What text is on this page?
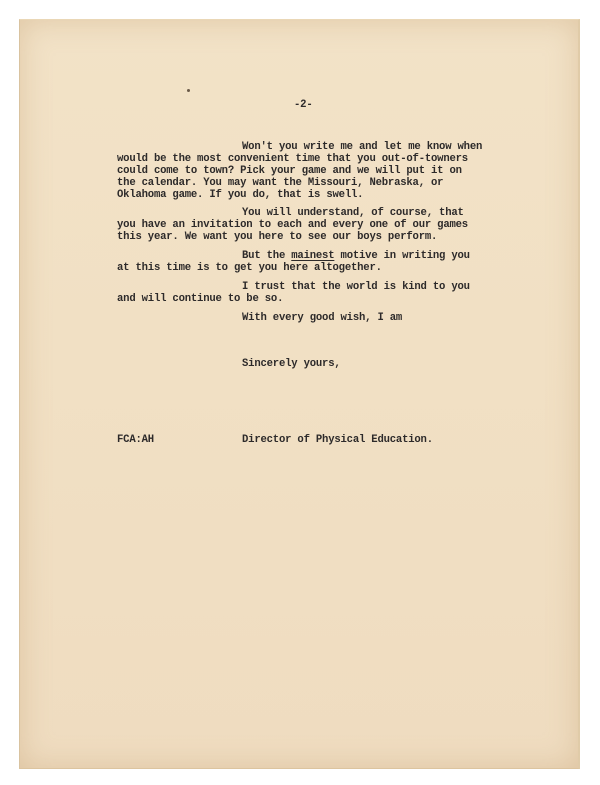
-2-
Won't you write me and let me know when
would be the most convenient time that you out-of-towners
could come to town? Pick your game and we will put it on
the calendar. You may want the Missouri, Nebraska, or
Oklahoma game. If you do, that is swell.
You will understand, of course, that
you have an invitation to each and every one of our games
this year. We want you here to see our boys perform.
But the mainest motive in writing you
at this time is to get you here altogether.
I trust that the world is kind to you
and will continue to be so.
With every good wish, I am
Sincerely yours,
FCA:AH	Director of Physical Education.
